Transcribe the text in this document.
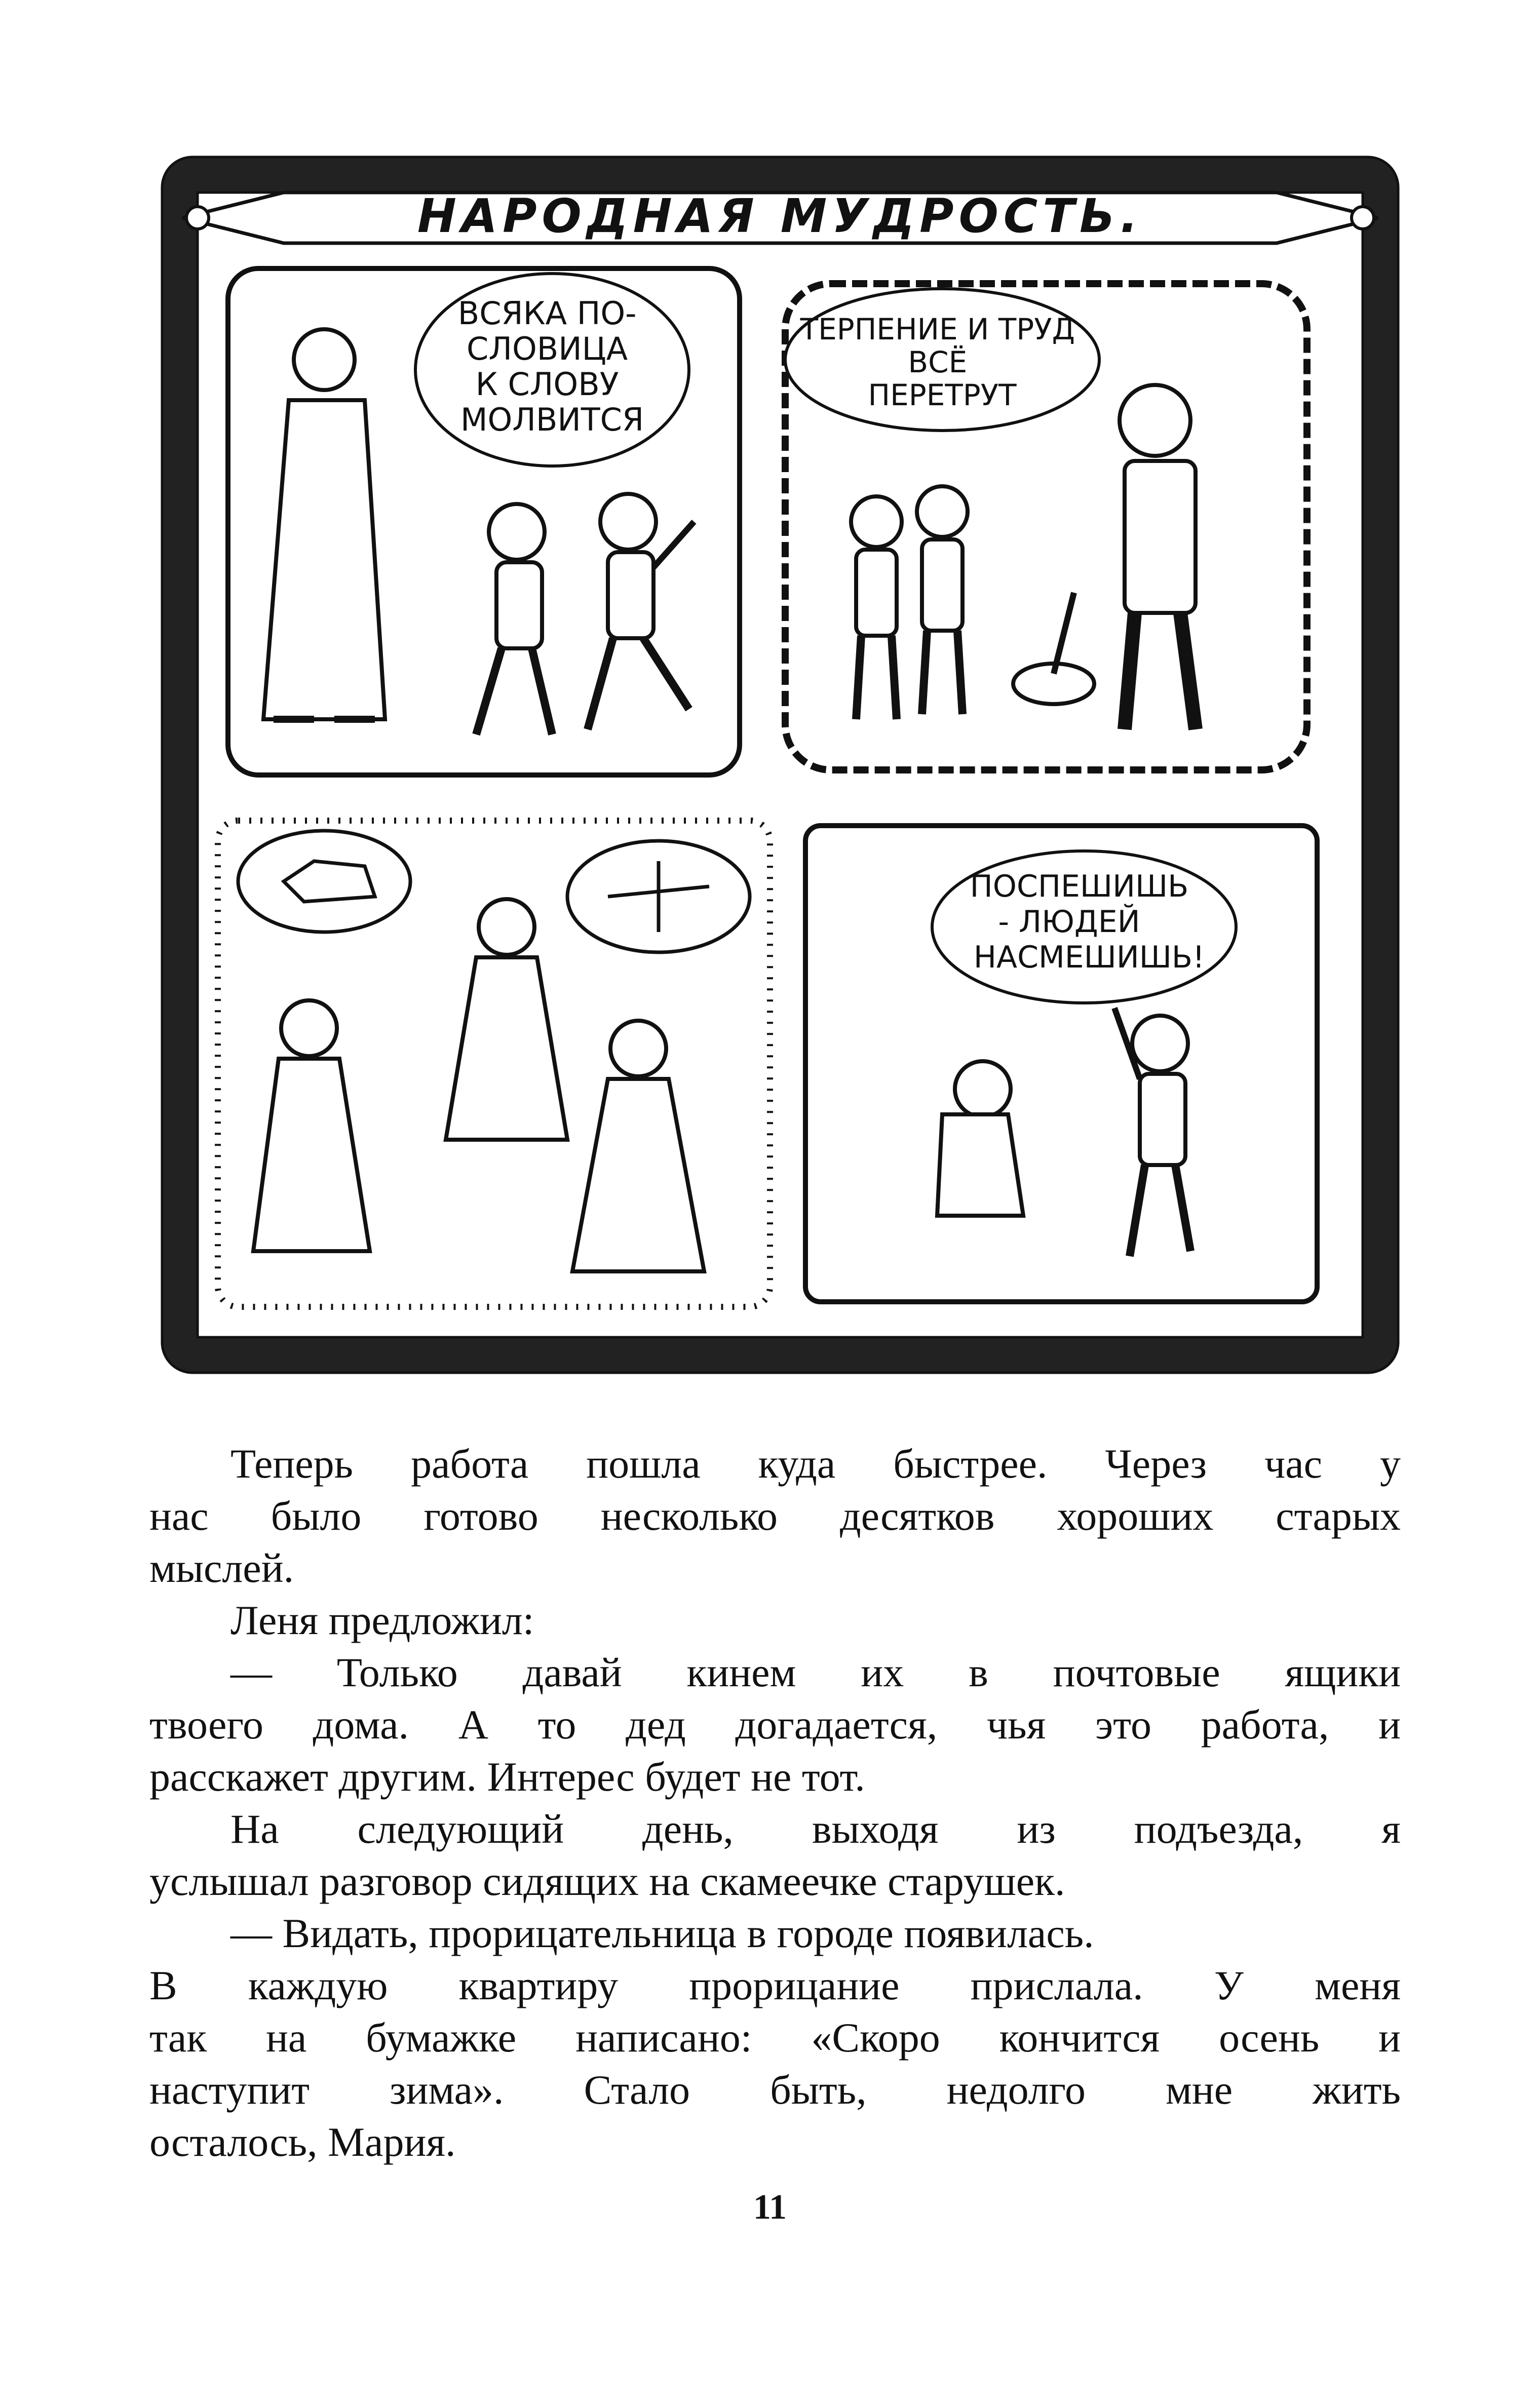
НАРОДНАЯ МУДРОСТЬ.
ВСЯКА ПО- СЛОВИЦА К СЛОВУ МОЛВИТСЯ
ТЕРПЕНИЕ И ТРУД ВСЁ ПЕРЕТРУТ
ПОСПЕШИШЬ - ЛЮДЕЙ НАСМЕШИШЬ!

Теперь работа пошла куда быстрее. Через час у
нас было готово несколько десятков хороших старых
мыслей.

Леня предложил:

— Только давай кинем их в почтовые ящики
твоего дома. А то дед догадается, чья это работа, и
расскажет другим. Интерес будет не тот.

На следующий день, выходя из подъезда, я
услышал разговор сидящих на скамеечке старушек.

— Видать, прорицательница в городе появилась.
В каждую квартиру прорицание прислала. У меня
так на бумажке написано: «Скоро кончится осень и
наступит зима». Стало быть, недолго мне жить
осталось, Мария.

11
